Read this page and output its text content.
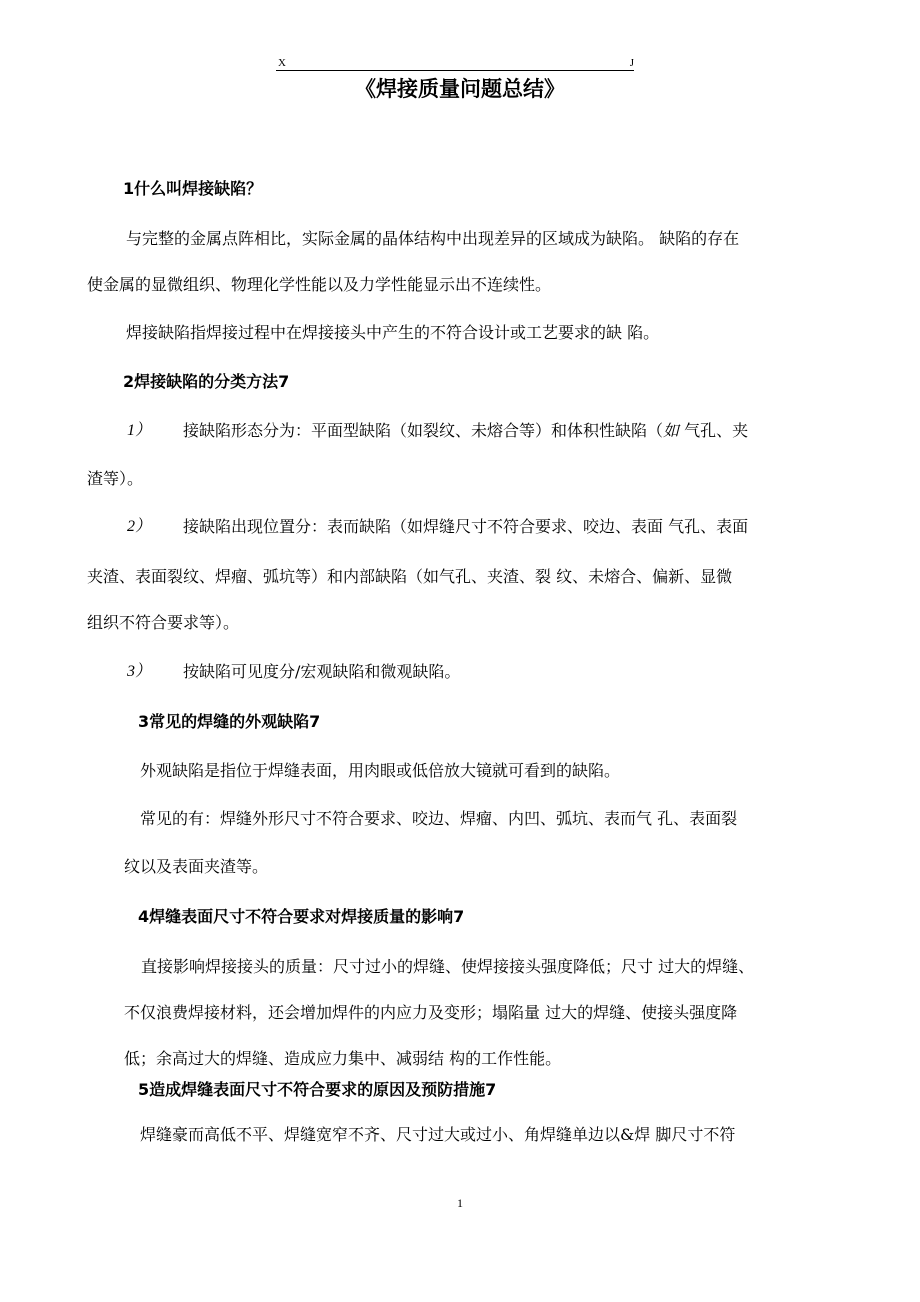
X	J
《焊接质量问题总结》
1什么叫焊接缺陷？
与完整的金属点阵相比，实际金属的晶体结构中出现差异的区域成为缺陷。 缺陷的存在
使金属的显微组织、物理化学性能以及力学性能显示出不连续性。
焊接缺陷指焊接过程中在焊接接头中产生的不符合设计或工艺要求的缺 陷。
2焊接缺陷的分类方法7
1） 接缺陷形态分为：平面型缺陷（如裂纹、未熔合等）和体积性缺陷（如 气孔、夹
渣等）。
2） 接缺陷出现位置分：表而缺陷（如焊缝尺寸不符合要求、咬边、表面 气孔、表面
夹渣、表面裂纹、焊瘤、弧坑等）和内部缺陷（如气孔、夹渣、裂 纹、未熔合、偏新、显微
组织不符合要求等）。
3） 按缺陷可见度分/宏观缺陷和微观缺陷。
3常见的焊缝的外观缺陷7
外观缺陷是指位于焊缝表面，用肉眼或低倍放大镜就可看到的缺陷。
常见的有：焊缝外形尺寸不符合要求、咬边、焊瘤、内凹、弧坑、表而气 孔、表面裂
纹以及表面夹渣等。
4焊缝表面尺寸不符合要求对焊接质量的影响7
直接影响焊接接头的质量：尺寸过小的焊缝、使焊接接头强度降低；尺寸 过大的焊缝、
不仅浪费焊接材料，还会增加焊件的内应力及变形；塌陷量 过大的焊缝、使接头强度降
低；余高过大的焊缝、造成应力集中、减弱结 构的工作性能。
5造成焊缝表面尺寸不符合要求的原因及预防措施7
焊缝豪而高低不平、焊缝宽窄不齐、尺寸过大或过小、角焊缝单边以&焊 脚尺寸不符
1
